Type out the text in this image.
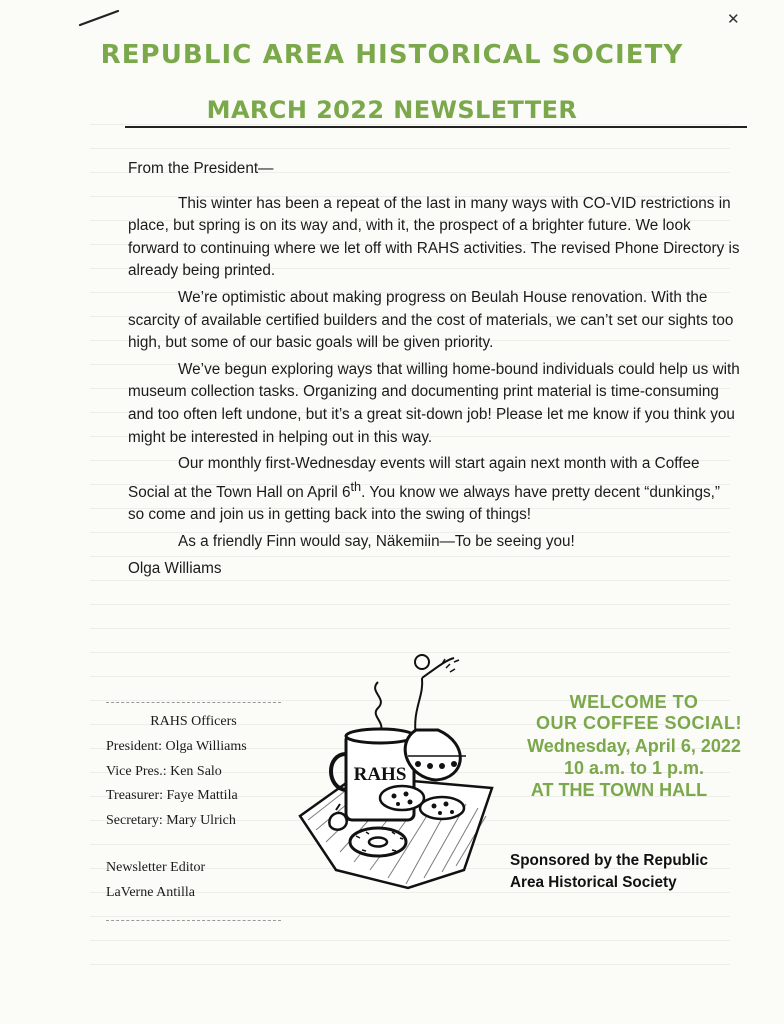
✕
REPUBLIC AREA HISTORICAL SOCIETY
MARCH 2022 NEWSLETTER

From the President—

This winter has been a repeat of the last in many ways with CO-VID restrictions in place, but spring is on its way and, with it, the prospect of a brighter future. We look forward to continuing where we let off with RAHS activities. The revised Phone Directory is already being printed.

We’re optimistic about making progress on Beulah House renovation. With the scarcity of available certified builders and the cost of materials, we can’t set our sights too high, but some of our basic goals will be given priority.

We’ve begun exploring ways that willing home-bound individuals could help us with museum collection tasks. Organizing and documenting print material is time-consuming and too often left undone, but it’s a great sit-down job! Please let me know if you think you might be interested in helping out in this way.

Our monthly first-Wednesday events will start again next month with a Coffee Social at the Town Hall on April 6th. You know we always have pretty decent “dunkings,” so come and join us in getting back into the swing of things!

As a friendly Finn would say, Näkemiin—To be seeing you!

Olga Williams

RAHS Officers
President: Olga Williams
Vice Pres.: Ken Salo
Treasurer: Faye Mattila
Secretary: Mary Ulrich
Newsletter Editor
LaVerne Antilla
RAHS
WELCOME TO
OUR COFFEE SOCIAL!
Wednesday, April 6, 2022
10 a.m. to 1 p.m.
AT THE TOWN HALL
Sponsored by the Republic
Area Historical Society
